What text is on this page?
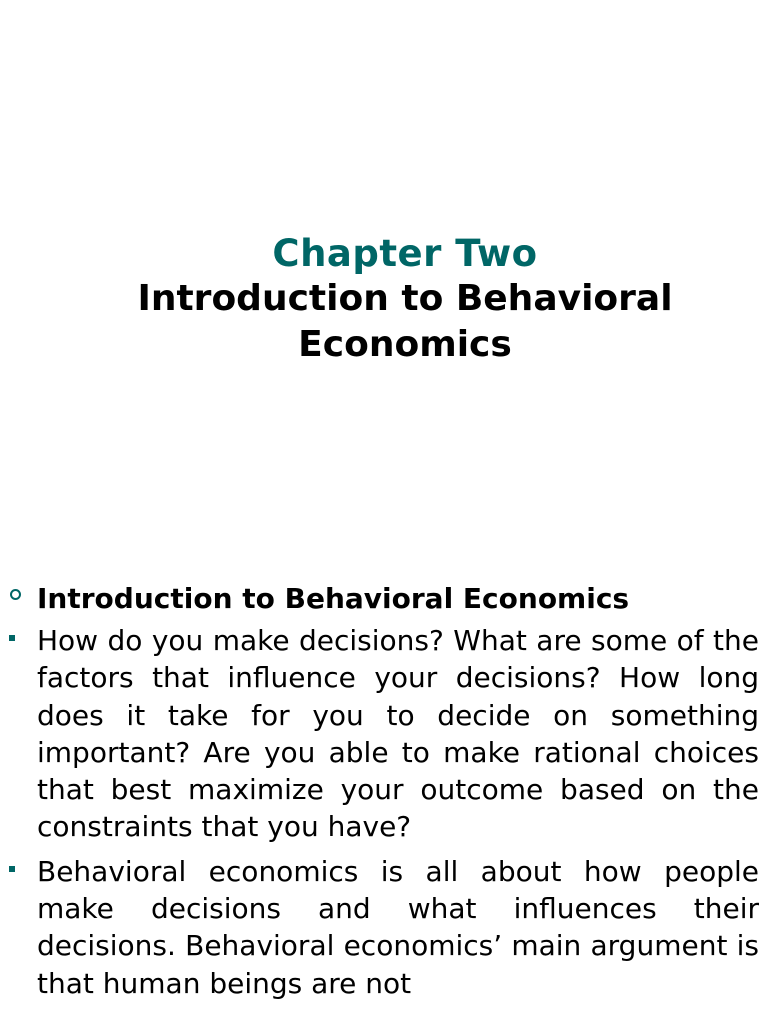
Chapter Two
Introduction to Behavioral
Economics
Introduction to Behavioral Economics
How do you make decisions? What are some of the factors that influence your decisions? How long does it take for you to decide on something important? Are you able to make rational choices that best maximize your outcome based on the constraints that you have?
Behavioral economics is all about how people make decisions and what influences their decisions. Behavioral economics’ main argument is that human beings are not
